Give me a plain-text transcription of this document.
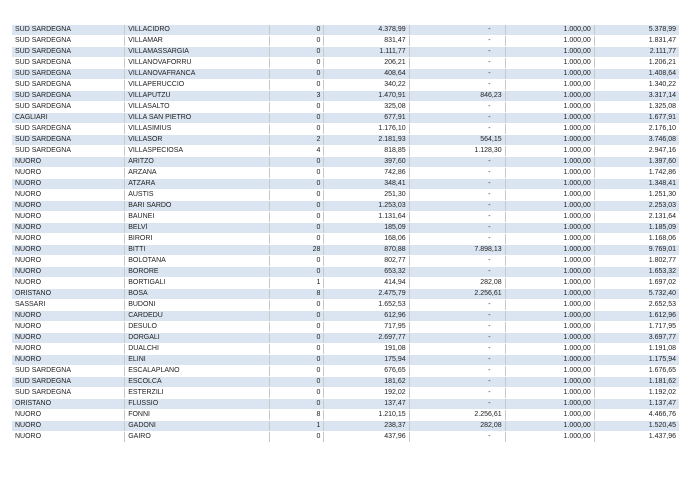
SUD SARDEGNA	VILLACIDRO	0	4.378,99	-	1.000,00	5.378,99
SUD SARDEGNA	VILLAMAR	0	831,47	-	1.000,00	1.831,47
SUD SARDEGNA	VILLAMASSARGIA	0	1.111,77	-	1.000,00	2.111,77
SUD SARDEGNA	VILLANOVAFORRU	0	206,21	-	1.000,00	1.206,21
SUD SARDEGNA	VILLANOVAFRANCA	0	408,64	-	1.000,00	1.408,64
SUD SARDEGNA	VILLAPERUCCIO	0	340,22	-	1.000,00	1.340,22
SUD SARDEGNA	VILLAPUTZU	3	1.470,91	846,23	1.000,00	3.317,14
SUD SARDEGNA	VILLASALTO	0	325,08	-	1.000,00	1.325,08
CAGLIARI	VILLA SAN PIETRO	0	677,91	-	1.000,00	1.677,91
SUD SARDEGNA	VILLASIMIUS	0	1.176,10	-	1.000,00	2.176,10
SUD SARDEGNA	VILLASOR	2	2.181,93	564,15	1.000,00	3.746,08
SUD SARDEGNA	VILLASPECIOSA	4	818,85	1.128,30	1.000,00	2.947,16
NUORO	ARITZO	0	397,60	-	1.000,00	1.397,60
NUORO	ARZANA	0	742,86	-	1.000,00	1.742,86
NUORO	ATZARA	0	348,41	-	1.000,00	1.348,41
NUORO	AUSTIS	0	251,30	-	1.000,00	1.251,30
NUORO	BARI SARDO	0	1.253,03	-	1.000,00	2.253,03
NUORO	BAUNEI	0	1.131,64	-	1.000,00	2.131,64
NUORO	BELVÌ	0	185,09	-	1.000,00	1.185,09
NUORO	BIRORI	0	168,06	-	1.000,00	1.168,06
NUORO	BITTI	28	870,88	7.898,13	1.000,00	9.769,01
NUORO	BOLOTANA	0	802,77	-	1.000,00	1.802,77
NUORO	BORORE	0	653,32	-	1.000,00	1.653,32
NUORO	BORTIGALI	1	414,94	282,08	1.000,00	1.697,02
ORISTANO	BOSA	8	2.475,79	2.256,61	1.000,00	5.732,40
SASSARI	BUDONI	0	1.652,53	-	1.000,00	2.652,53
NUORO	CARDEDU	0	612,96	-	1.000,00	1.612,96
NUORO	DESULO	0	717,95	-	1.000,00	1.717,95
NUORO	DORGALI	0	2.697,77	-	1.000,00	3.697,77
NUORO	DUALCHI	0	191,08	-	1.000,00	1.191,08
NUORO	ELINI	0	175,94	-	1.000,00	1.175,94
SUD SARDEGNA	ESCALAPLANO	0	676,65	-	1.000,00	1.676,65
SUD SARDEGNA	ESCOLCA	0	181,62	-	1.000,00	1.181,62
SUD SARDEGNA	ESTERZILI	0	192,02	-	1.000,00	1.192,02
ORISTANO	FLUSSIO	0	137,47	-	1.000,00	1.137,47
NUORO	FONNI	8	1.210,15	2.256,61	1.000,00	4.466,76
NUORO	GADONI	1	238,37	282,08	1.000,00	1.520,45
NUORO	GAIRO	0	437,96	-	1.000,00	1.437,96
